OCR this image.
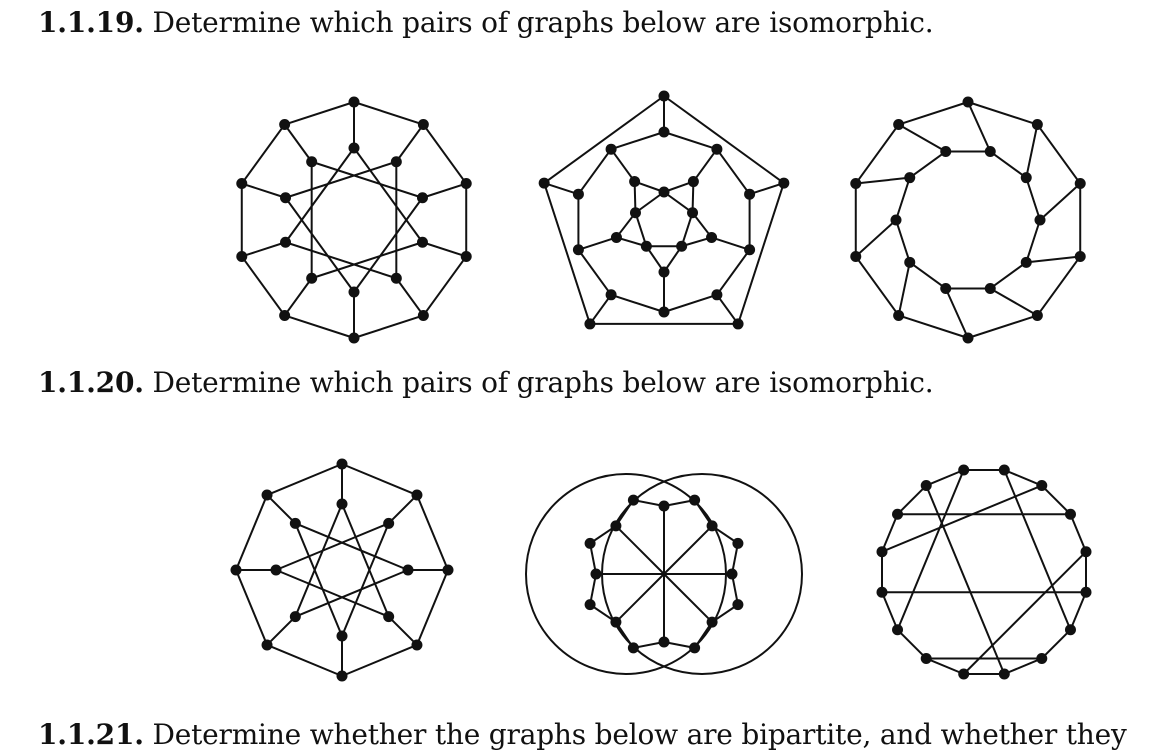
1.1.19. Determine which pairs of graphs below are isomorphic.
1.1.20. Determine which pairs of graphs below are isomorphic.
1.1.21. Determine whether the graphs below are bipartite, and whether they
